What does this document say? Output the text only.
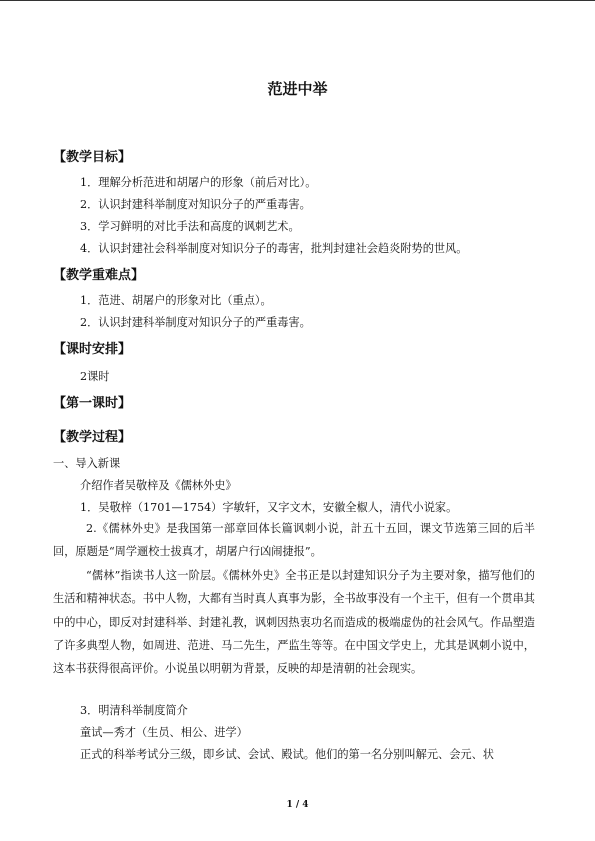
范进中举
【教学目标】
1．理解分析范进和胡屠户的形象（前后对比）。
2．认识封建科举制度对知识分子的严重毒害。
3．学习鲜明的对比手法和高度的讽刺艺术。
4．认识封建社会科举制度对知识分子的毒害，批判封建社会趋炎附势的世风。
【教学重难点】
1．范进、胡屠户的形象对比（重点）。
2．认识封建科举制度对知识分子的严重毒害。
【课时安排】
2课时
【第一课时】
【教学过程】
一、导入新课
介绍作者吴敬梓及《儒林外史》
1．吴敬梓（1701—1754）字敏轩，又字文木，安徽全椒人，清代小说家。
2.《儒林外史》是我国第一部章回体长篇讽刺小说，計五十五回，课文节选第三回的后半回，原题是“周学逦校士拔真才，胡屠户行凶闹捷报”。
“儒林”指读书人这一阶层。《儒林外史》全书正是以封建知识分子为主要对象，描写他们的生活和精神状态。书中人物，大都有当时真人真事为影，全书故事没有一个主干，但有一个贯串其中的中心，即反对封建科举、封建礼教，讽刺因热衷功名而造成的极端虚伪的社会风气。作品塑造了许多典型人物，如周进、范进、马二先生，严监生等等。在中国文学史上，尤其是讽刺小说中，这本书获得很高评价。小说虽以明朝为背景，反映的却是清朝的社会现实。
3．明清科举制度简介
童试—秀才（生员、相公、进学）
正式的科举考试分三级，即乡试、会试、殿试。他们的第一名分别叫解元、会元、状
1 / 4
